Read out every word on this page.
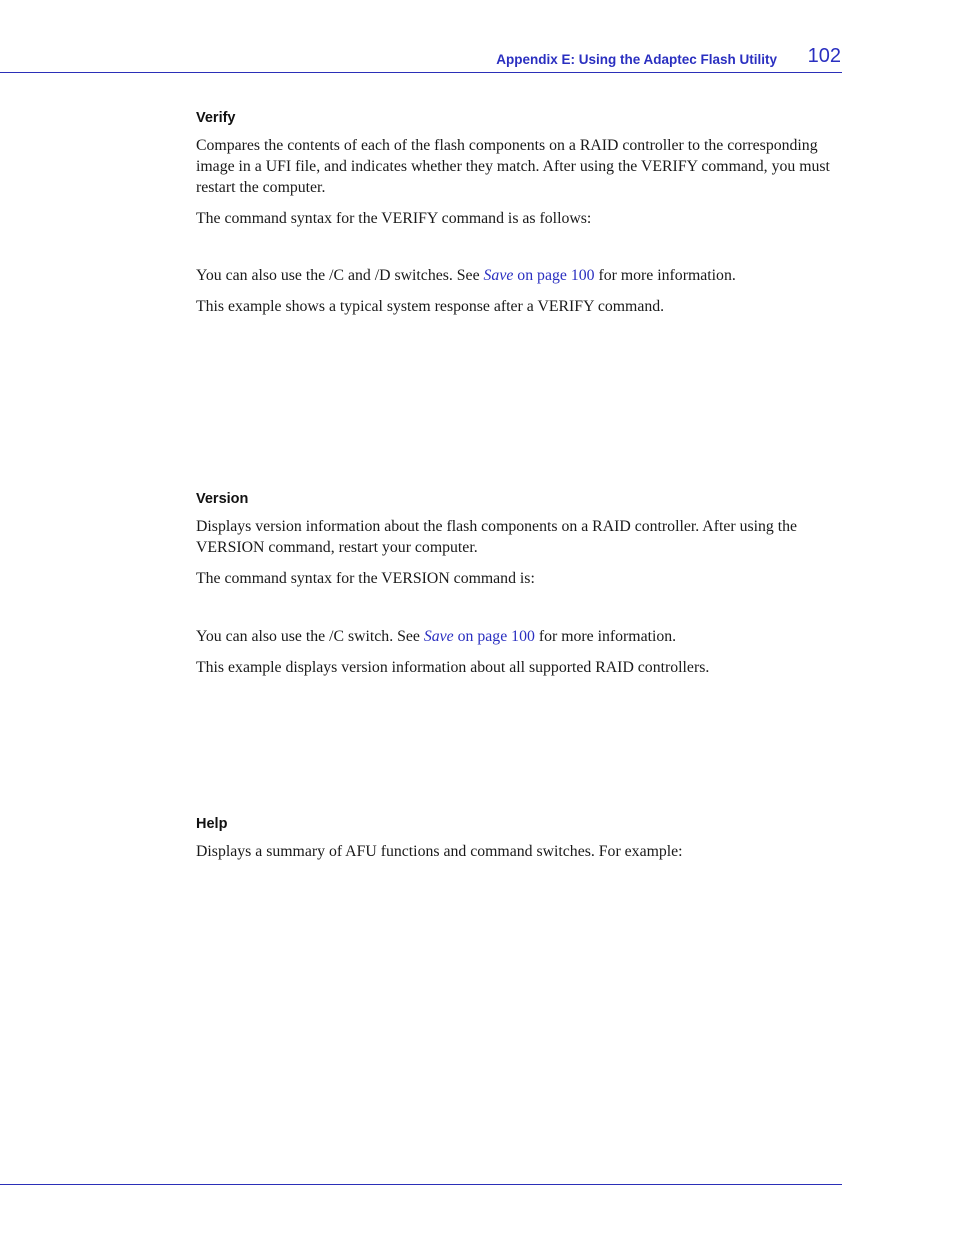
Appendix E: Using the Adaptec Flash Utility 102
Verify

Compares the contents of each of the flash components on a RAID controller to the corresponding image in a UFI file, and indicates whether they match. After using the VERIFY command, you must restart the computer.

The command syntax for the VERIFY command is as follows:

You can also use the /C and /D switches. See Save on page 100 for more information.

This example shows a typical system response after a VERIFY command.

Version

Displays version information about the flash components on a RAID controller. After using the VERSION command, restart your computer.

The command syntax for the VERSION command is:

You can also use the /C switch. See Save on page 100 for more information.

This example displays version information about all supported RAID controllers.

Help

Displays a summary of AFU functions and command switches. For example:
